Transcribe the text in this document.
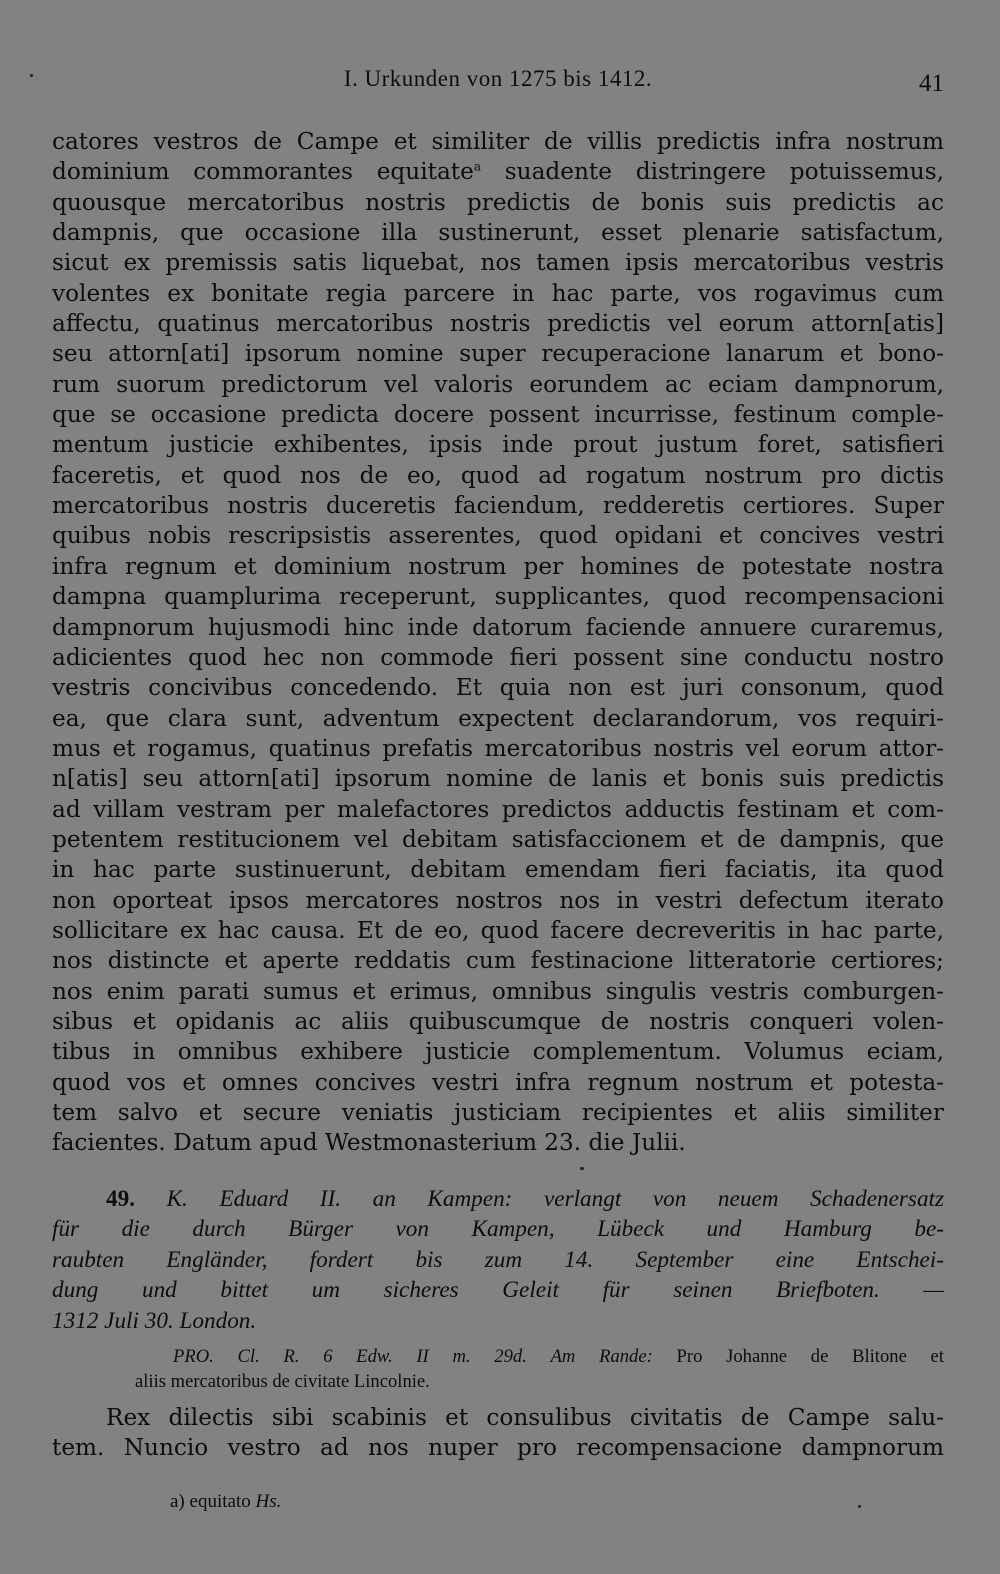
I. Urkunden von 1275 bis 1412.	41
catores vestros de Campe et similiter de villis predictis infra nostrum
dominium commorantes equitate$^a$ suadente distringere potuissemus,
quousque mercatoribus nostris predictis de bonis suis predictis ac
dampnis, que occasione illa sustinerunt, esset plenarie satisfactum,
sicut ex premissis satis liquebat, nos tamen ipsis mercatoribus vestris
volentes ex bonitate regia parcere in hac parte, vos rogavimus cum
affectu, quatinus mercatoribus nostris predictis vel eorum attorn[atis]
seu attorn[ati] ipsorum nomine super recuperacione lanarum et bono-
rum suorum predictorum vel valoris eorundem ac eciam dampnorum,
que se occasione predicta docere possent incurrisse, festinum comple-
mentum justicie exhibentes, ipsis inde prout justum foret, satisfieri
faceretis, et quod nos de eo, quod ad rogatum nostrum pro dictis
mercatoribus nostris duceretis faciendum, redderetis certiores. Super
quibus nobis rescripsistis asserentes, quod opidani et concives vestri
infra regnum et dominium nostrum per homines de potestate nostra
dampna quamplurima receperunt, supplicantes, quod recompensacioni
dampnorum hujusmodi hinc inde datorum faciende annuere curaremus,
adicientes quod hec non commode fieri possent sine conductu nostro
vestris concivibus concedendo. Et quia non est juri consonum, quod
ea, que clara sunt, adventum expectent declarandorum, vos requiri-
mus et rogamus, quatinus prefatis mercatoribus nostris vel eorum attor-
n[atis] seu attorn[ati] ipsorum nomine de lanis et bonis suis predictis
ad villam vestram per malefactores predictos adductis festinam et com-
petentem restitucionem vel debitam satisfaccionem et de dampnis, que
in hac parte sustinuerunt, debitam emendam fieri faciatis, ita quod
non oporteat ipsos mercatores nostros nos in vestri defectum iterato
sollicitare ex hac causa. Et de eo, quod facere decreveritis in hac parte,
nos distincte et aperte reddatis cum festinacione litteratorie certiores;
nos enim parati sumus et erimus, omnibus singulis vestris comburgen-
sibus et opidanis ac aliis quibuscumque de nostris conqueri volen-
tibus in omnibus exhibere justicie complementum. Volumus eciam,
quod vos et omnes concives vestri infra regnum nostrum et potesta-
tem salvo et secure veniatis justiciam recipientes et aliis similiter
facientes. Datum apud Westmonasterium 23. die Julii.
49. K. Eduard II. an Kampen: verlangt von neuem Schadenersatz
für die durch Bürger von Kampen, Lübeck und Hamburg be-
raubten Engländer, fordert bis zum 14. September eine Entschei-
dung und bittet um sicheres Geleit für seinen Briefboten. —
1312 Juli 30. London.
PRO. Cl. R. 6 Edw. II m. 29d. Am Rande: Pro Johanne de Blitone et
aliis mercatoribus de civitate Lincolnie.
Rex dilectis sibi scabinis et consulibus civitatis de Campe salu-
tem. Nuncio vestro ad nos nuper pro recompensacione dampnorum
a) equitato Hs.
